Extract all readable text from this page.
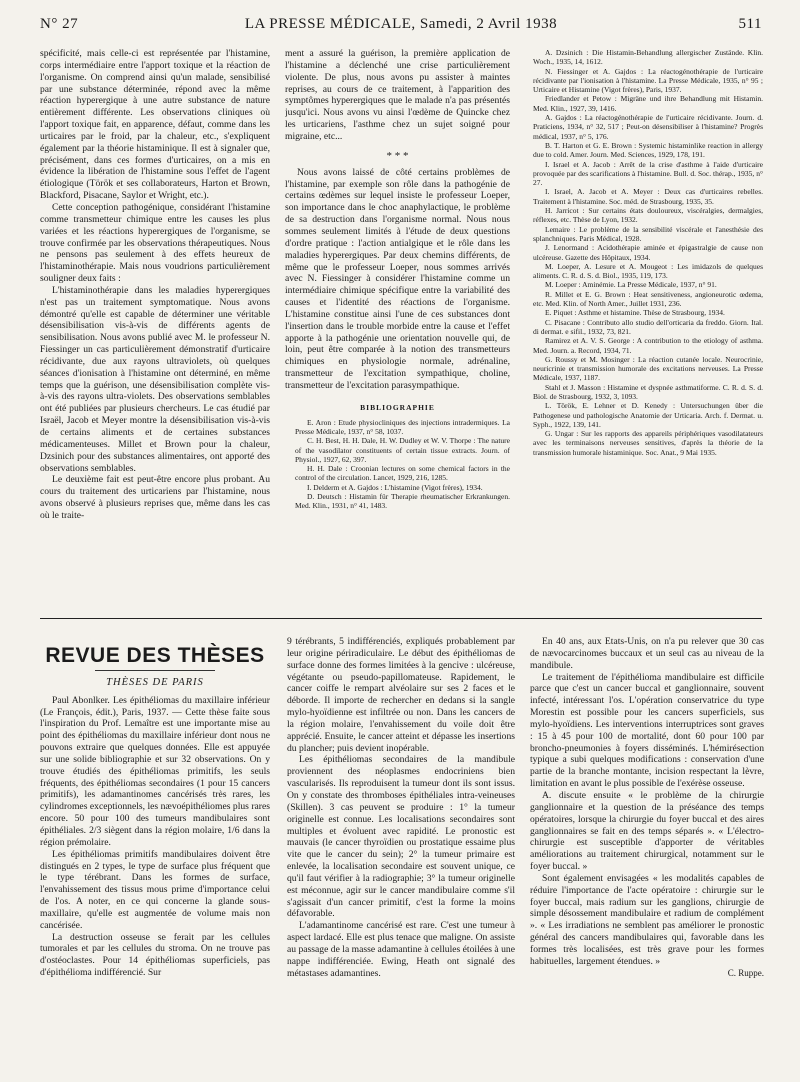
N° 27	LA PRESSE MÉDICALE, Samedi, 2 Avril 1938	511

spécificité, mais celle-ci est représentée par l'histamine, corps intermédiaire entre l'apport toxique et la réaction de l'organisme. On comprend ainsi qu'un malade, sensibilisé par une substance déterminée, répond avec la même réaction hyperergique à une autre substance de nature entièrement différente. Les observations cliniques où l'apport toxique fait, en apparence, défaut, comme dans les urticaires par le froid, par la chaleur, etc., s'expliquent également par la théorie histaminique. Il est à signaler que, précisément, dans ces formes d'urticaires, on a mis en évidence la libération de l'histamine sous l'effet de l'agent étiologique (Török et ses collaborateurs, Harton et Brown, Blackford, Pisacane, Saylor et Wright, etc.).

Cette conception pathogénique, considérant l'histamine comme transmetteur chimique entre les causes les plus variées et les réactions hyperergiques de l'organisme, se trouve confirmée par les observations thérapeutiques. Nous ne pensons pas seulement à des effets heureux de l'histaminothérapie. Mais nous voudrions particulièrement souligner deux faits :

L'histaminothérapie dans les maladies hyperergiques n'est pas un traitement symptomatique. Nous avons démontré qu'elle est capable de déterminer une véritable désensibilisation vis-à-vis de différents agents de sensibilisation. Nous avons publié avec M. le professeur N. Fiessinger un cas particulièrement démonstratif d'urticaire récidivante, due aux rayons ultraviolets, où quelques séances d'ionisation à l'histamine ont déterminé, en même temps que la guérison, une désensibilisation complète vis-à-vis des rayons ultra-violets. Des observations semblables ont été publiées par plusieurs chercheurs. Le cas étudié par Israël, Jacob et Meyer montre la désensibilisation vis-à-vis de certains aliments et de certaines substances médicamenteuses. Millet et Brown pour la chaleur, Dzsinich pour des substances alimentaires, ont apporté des observations semblables.

Le deuxième fait est peut-être encore plus probant. Au cours du traitement des urticariens par l'histamine, nous avons observé à plusieurs reprises que, même dans les cas où le traite-

ment a assuré la guérison, la première application de l'histamine a déclenché une crise particulièrement violente. De plus, nous avons pu assister à maintes reprises, au cours de ce traitement, à l'apparition des symptômes hyperergiques que le malade n'a pas présentés jusqu'ici. Nous avons vu ainsi l'œdème de Quincke chez les urticariens, l'asthme chez un sujet soigné pour migraine, etc...

* * *

Nous avons laissé de côté certains problèmes de l'histamine, par exemple son rôle dans la pathogénie de certains œdèmes sur lequel insiste le professeur Loeper, son importance dans le choc anaphylactique, le problème de sa destruction dans l'organisme normal. Nous nous sommes seulement limités à l'étude de deux questions d'ordre pratique : l'action antialgique et le rôle dans les maladies hyperergiques. Par deux chemins différents, de même que le professeur Loeper, nous sommes arrivés avec N. Fiessinger à considérer l'histamine comme un intermédiaire chimique spécifique entre la variabilité des causes et l'identité des réactions de l'organisme. L'histamine constitue ainsi l'une de ces substances dont l'insertion dans le trouble morbide entre la cause et l'effet apporte à la pathogénie une orientation nouvelle qui, de loin, peut être comparée à la notion des transmetteurs chimiques en physiologie normale, adrénaline, transmetteur de l'excitation sympathique, choline, transmetteur de l'excitation parasympathique.

BIBLIOGRAPHIE

E. Aron : Etude physiocliniques des injections intradermiques. La Presse Médicale, 1937, n° 58, 1037.

C. H. Best, H. H. Dale, H. W. Dudley et W. V. Thorpe : The nature of the vasodilator constituents of certain tissue extracts. Journ. of Physiol., 1927, 62, 397.

H. H. Dale : Croonian lectures on some chemical factors in the control of the circulation. Lancet, 1929, 216, 1285.

I. Delderm et A. Gajdos : L'histamine (Vigot frères), 1934.

D. Deutsch : Histamin für Therapie rheumatischer Erkrankungen. Med. Klin., 1931, n° 41, 1483.

A. Dzsinich : Die Histamin-Behandlung allergischer Zustände. Klin. Woch., 1935, 14, 1612.

N. Fiessinger et A. Gajdos : La réactogénothérapie de l'urticaire récidivante par l'ionisation à l'histamine. La Presse Médicale, 1935, n° 95 ; Urticaire et Histamine (Vigot frères), Paris, 1937.

Friedlander et Petow : Migräne und ihre Behandlung mit Histamin. Med. Klin., 1927, 39, 1416.

A. Gajdos : La réactogénothérapie de l'urticaire récidivante. Journ. d. Praticiens, 1934, n° 32, 517 ; Peut-on désensibiliser à l'histamine? Progrès médical, 1937, n° 5, 176.

B. T. Harton et G. E. Brown : Systemic histaminlike reaction in allergy due to cold. Amer. Journ. Med. Sciences, 1929, 178, 191.

I. Israel et A. Jacob : Arrêt de la crise d'asthme à l'aide d'urticaire provoquée par des scarifications à l'histamine. Bull. d. Soc. thérap., 1935, n° 27.

I. Israel, A. Jacob et A. Meyer : Deux cas d'urticaires rebelles. Traitement à l'histamine. Soc. méd. de Strasbourg, 1935, 35.

H. Jarricot : Sur certains états douloureux, viscéralgies, dermalgies, réflexes, etc. Thèse de Lyon, 1932.

Lemaire : Le problème de la sensibilité viscérale et l'anesthésie des splanchniques. Paris Médical, 1928.

J. Lenormand : Acidothérapie aminée et épigastralgie de cause non ulcéreuse. Gazette des Hôpitaux, 1934.

M. Loeper, A. Lesure et A. Mougeot : Les imidazols de quelques aliments. C. R. d. S. d. Biol., 1935, 119, 173.

M. Loeper : Aminémie. La Presse Médicale, 1937, n° 91.

R. Millet et E. G. Brown : Heat sensitiveness, angioneurotic œdema, etc. Med. Klin. of North Amer., Juillet 1931, 236.

E. Piquet : Asthme et histamine. Thèse de Strasbourg, 1934.

C. Pisacane : Contributo allo studio dell'orticaria da freddo. Giorn. Ital. di dermat. e sifil., 1932, 73, 821.

Ramirez et A. V. S. George : A contribution to the etiology of asthma. Med. Journ. a. Record, 1934, 71.

G. Roussy et M. Mosinger : La réaction cutanée locale. Neurocrinie, neuricrinie et transmission humorale des excitations nerveuses. La Presse Médicale, 1937, 1187.

Stahl et J. Masson : Histamine et dyspnée asthmatiforme. C. R. d. S. d. Biol. de Strasbourg, 1932, 3, 1093.

L. Török, E. Lehner et D. Kenedy : Untersuchungen über die Pathogenese und pathologische Anatomie der Urticaria. Arch. f. Dermat. u. Syph., 1922, 139, 141.

G. Ungar : Sur les rapports des appareils périphériques vasodilatateurs avec les terminaisons nerveuses sensitives, d'après la théorie de la transmission humorale histaminique. Soc. Anat., 9 Mai 1935.

REVUE DES THÈSES
THÈSES DE PARIS

Paul Abonlker. Les épithéliomas du maxillaire inférieur (Le François, édit.), Paris, 1937. — Cette thèse faite sous l'inspiration du Prof. Lemaître est une importante mise au point des épithéliomas du maxillaire inférieur dont nous ne pouvons extraire que quelques données. Elle est appuyée sur une solide bibliographie et sur 32 observations. On y trouve étudiés des épithéliomas primitifs, les seuls fréquents, des épithéliomas secondaires (1 pour 15 cancers primitifs), les adamantinomes cancérisés très rares, les cylindromes exceptionnels, les nævoépithéliomes plus rares encore. 50 pour 100 des tumeurs mandibulaires sont épithéliales. 2/3 siègent dans la région molaire, 1/6 dans la région prémolaire.

Les épithéliomas primitifs mandibulaires doivent être distingués en 2 types, le type de surface plus fréquent que le type térébrant. Dans les formes de surface, l'envahissement des tissus mous prime d'importance celui de l'os. A noter, en ce qui concerne la glande sous-maxillaire, qu'elle est augmentée de volume mais non cancérisée.

La destruction osseuse se ferait par les cellules tumorales et par les cellules du stroma. On ne trouve pas d'ostéoclastes. Pour 14 épithéliomas superficiels, pas d'épithélioma indifférencié. Sur

9 térébrants, 5 indifférenciés, expliqués probablement par leur origine périradiculaire. Le début des épithéliomas de surface donne des formes limitées à la gencive : ulcéreuse, végétante ou pseudo-papillomateuse. Rapidement, le cancer coiffe le rempart alvéolaire sur ses 2 faces et le déborde. Il importe de rechercher en dedans si la sangle mylo-hyoïdienne est infiltrée ou non. Dans les cancers de la région molaire, l'envahissement du voile doit être apprécié. Ensuite, le cancer atteint et dépasse les insertions du plancher; puis devient inopérable.

Les épithéliomas secondaires de la mandibule proviennent des néoplasmes endocriniens bien vascularisés. Ils reproduisent la tumeur dont ils sont issus. On y constate des thromboses épithéliales intra-veineuses (Skillen). 3 cas peuvent se produire : 1° la tumeur originelle est connue. Les localisations secondaires sont multiples et évoluent avec rapidité. Le pronostic est mauvais (le cancer thyroïdien ou prostatique essaime plus vite que le cancer du sein); 2° la tumeur primaire est enlevée, la localisation secondaire est souvent unique, ce qu'il faut vérifier à la radiographie; 3° la tumeur originelle est méconnue, agir sur le cancer mandibulaire comme s'il s'agissait d'un cancer primitif, c'est la forme la moins défavorable.

L'adamantinome cancérisé est rare. C'est une tumeur à aspect lardacé. Elle est plus tenace que maligne. On assiste au passage de la masse adamantine à cellules étoilées à une nappe indifférenciée. Ewing, Heath ont signalé des métastases adamantines.

En 40 ans, aux Etats-Unis, on n'a pu relever que 30 cas de nævocarcinomes buccaux et un seul cas au niveau de la mandibule.

Le traitement de l'épithélioma mandibulaire est difficile parce que c'est un cancer buccal et ganglionnaire, souvent infecté, intéressant l'os. L'opération conservatrice du type Morestin est possible pour les cancers superficiels, sus mylo-hyoïdiens. Les interventions interruptrices sont graves : 15 à 45 pour 100 de mortalité, dont 60 pour 100 par broncho-pneumonies à foyers disséminés. L'hémirésection typique a subi quelques modifications : conservation d'une partie de la branche montante, incision respectant la lèvre, limitation en avant le plus possible de l'exérèse osseuse.

A. discute ensuite « le problème de la chirurgie ganglionnaire et la question de la préséance des temps opératoires, lorsque la chirurgie du foyer buccal et des aires ganglionnaires se fait en des temps séparés ». « L'électro-chirurgie est susceptible d'apporter de véritables améliorations au traitement chirurgical, notamment sur le foyer buccal. »

Sont également envisagées « les modalités capables de réduire l'importance de l'acte opératoire : chirurgie sur le foyer buccal, mais radium sur les ganglions, chirurgie de simple désossement mandibulaire et radium de complément ». « Les irradiations ne semblent pas améliorer le pronostic général des cancers mandibulaires qui, favorable dans les formes très localisées, est très grave pour les formes habituelles, largement étendues. »

C. Ruppe.
